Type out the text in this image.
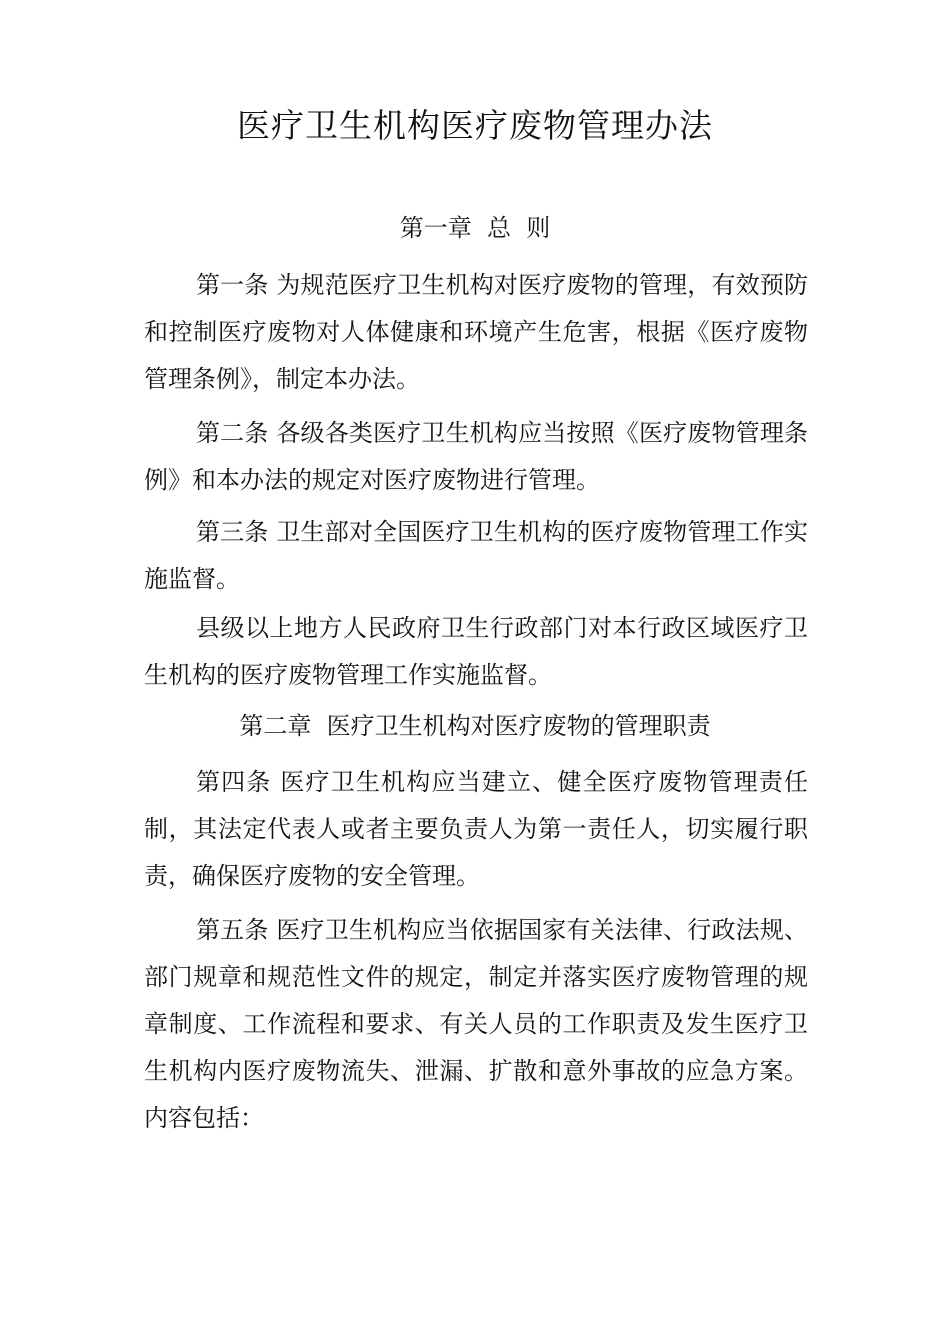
医疗卫生机构医疗废物管理办法
第一章  总  则

第一条 为规范医疗卫生机构对医疗废物的管理，有效预防和控制医疗废物对人体健康和环境产生危害，根据《医疗废物管理条例》，制定本办法。

第二条 各级各类医疗卫生机构应当按照《医疗废物管理条例》和本办法的规定对医疗废物进行管理。

第三条 卫生部对全国医疗卫生机构的医疗废物管理工作实施监督。

县级以上地方人民政府卫生行政部门对本行政区域医疗卫生机构的医疗废物管理工作实施监督。

第二章  医疗卫生机构对医疗废物的管理职责

第四条 医疗卫生机构应当建立、健全医疗废物管理责任制，其法定代表人或者主要负责人为第一责任人，切实履行职责，确保医疗废物的安全管理。

第五条 医疗卫生机构应当依据国家有关法律、行政法规、部门规章和规范性文件的规定，制定并落实医疗废物管理的规章制度、工作流程和要求、有关人员的工作职责及发生医疗卫生机构内医疗废物流失、泄漏、扩散和意外事故的应急方案。内容包括：
